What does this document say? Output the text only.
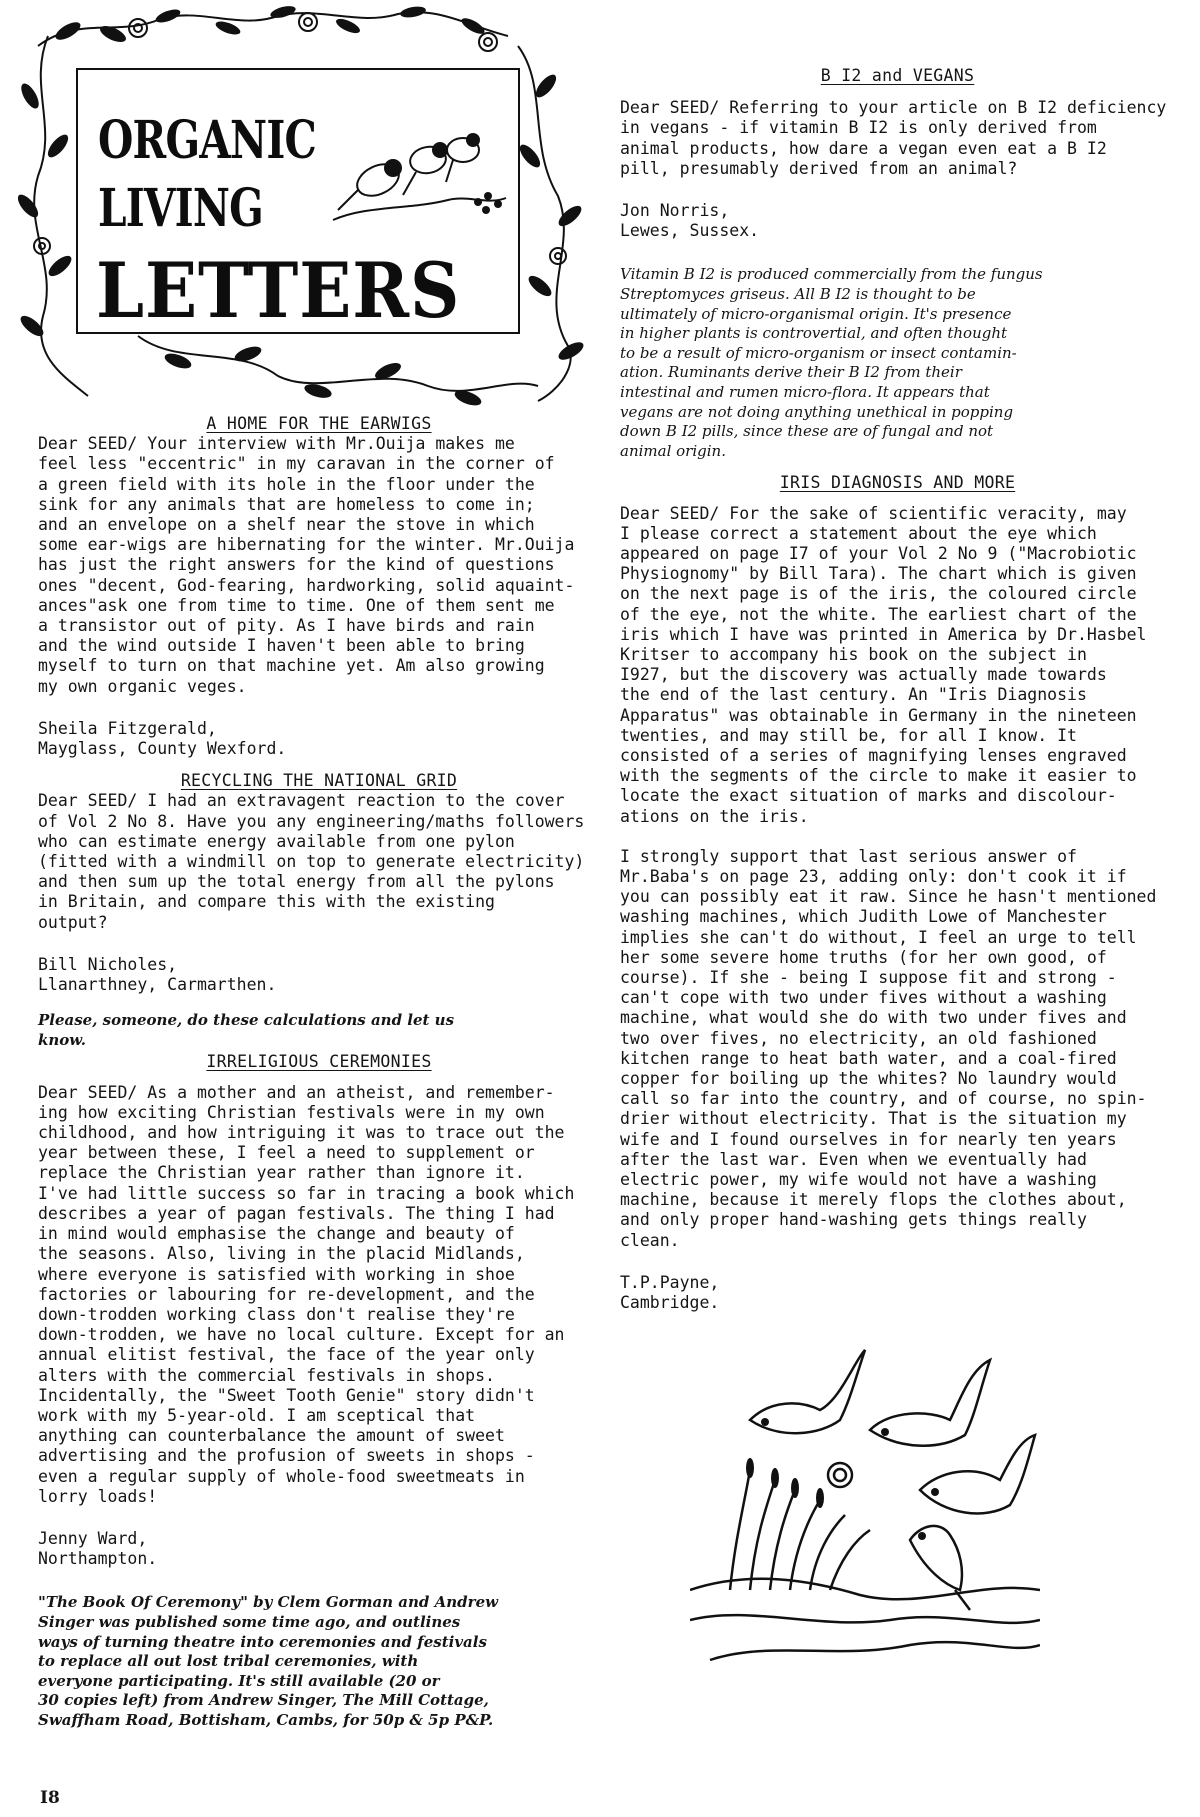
ORGANIC
LIVING
LETTERS

A HOME FOR THE EARWIGS

Dear SEED/ Your interview with Mr.Ouija makes me
feel less "eccentric" in my caravan in the corner of
a green field with its hole in the floor under the
sink for any animals that are homeless to come in;
and an envelope on a shelf near the stove in which
some ear-wigs are hibernating for the winter. Mr.Ouija
has just the right answers for the kind of questions
ones "decent, God-fearing, hardworking, solid aquaint-
ances"ask one from time to time. One of them sent me
a transistor out of pity. As I have birds and rain
and the wind outside I haven't been able to bring
myself to turn on that machine yet. Am also growing
my own organic veges.

Sheila Fitzgerald,
Mayglass, County Wexford.

RECYCLING THE NATIONAL GRID

Dear SEED/ I had an extravagent reaction to the cover
of Vol 2 No 8. Have you any engineering/maths followers
who can estimate energy available from one pylon
(fitted with a windmill on top to generate electricity)
and then sum up the total energy from all the pylons
in Britain, and compare this with the existing
output?

Bill Nicholes,
Llanarthney, Carmarthen.

Please, someone, do these calculations and let us
know.

IRRELIGIOUS CEREMONIES

Dear SEED/ As a mother and an atheist, and remember-
ing how exciting Christian festivals were in my own
childhood, and how intriguing it was to trace out the
year between these, I feel a need to supplement or
replace the Christian year rather than ignore it.
I've had little success so far in tracing a book which
describes a year of pagan festivals. The thing I had
in mind would emphasise the change and beauty of
the seasons. Also, living in the placid Midlands,
where everyone is satisfied with working in shoe
factories or labouring for re-development, and the
down-trodden working class don't realise they're
down-trodden, we have no local culture. Except for an
annual elitist festival, the face of the year only
alters with the commercial festivals in shops.
Incidentally, the "Sweet Tooth Genie" story didn't
work with my 5-year-old. I am sceptical that
anything can counterbalance the amount of sweet
advertising and the profusion of sweets in shops -
even a regular supply of whole-food sweetmeats in
lorry loads!

Jenny Ward,
Northampton.

"The Book Of Ceremony" by Clem Gorman and Andrew
Singer was published some time ago, and outlines
ways of turning theatre into ceremonies and festivals
to replace all out lost tribal ceremonies, with
everyone participating. It's still available (20 or
30 copies left) from Andrew Singer, The Mill Cottage,
Swaffham Road, Bottisham, Cambs, for 50p & 5p P&P.

B I2 and VEGANS

Dear SEED/ Referring to your article on B I2 deficiency
in vegans - if vitamin B I2 is only derived from
animal products, how dare a vegan even eat a B I2
pill, presumably derived from an animal?

Jon Norris,
Lewes, Sussex.

Vitamin B I2 is produced commercially from the fungus
Streptomyces griseus. All B I2 is thought to be
ultimately of micro-organismal origin. It's presence
in higher plants is controvertial, and often thought
to be a result of micro-organism or insect contamin-
ation. Ruminants derive their B I2 from their
intestinal and rumen micro-flora. It appears that
vegans are not doing anything unethical in popping
down B I2 pills, since these are of fungal and not
animal origin.

IRIS DIAGNOSIS AND MORE

Dear SEED/ For the sake of scientific veracity, may
I please correct a statement about the eye which
appeared on page I7 of your Vol 2 No 9 ("Macrobiotic
Physiognomy" by Bill Tara). The chart which is given
on the next page is of the iris, the coloured circle
of the eye, not the white. The earliest chart of the
iris which I have was printed in America by Dr.Hasbel
Kritser to accompany his book on the subject in
I927, but the discovery was actually made towards
the end of the last century. An "Iris Diagnosis
Apparatus" was obtainable in Germany in the nineteen
twenties, and may still be, for all I know. It
consisted of a series of magnifying lenses engraved
with the segments of the circle to make it easier to
locate the exact situation of marks and discolour-
ations on the iris.

I strongly support that last serious answer of
Mr.Baba's on page 23, adding only: don't cook it if
you can possibly eat it raw. Since he hasn't mentioned
washing machines, which Judith Lowe of Manchester
implies she can't do without, I feel an urge to tell
her some severe home truths (for her own good, of
course). If she - being I suppose fit and strong -
can't cope with two under fives without a washing
machine, what would she do with two under fives and
two over fives, no electricity, an old fashioned
kitchen range to heat bath water, and a coal-fired
copper for boiling up the whites? No laundry would
call so far into the country, and of course, no spin-
drier without electricity. That is the situation my
wife and I found ourselves in for nearly ten years
after the last war. Even when we eventually had
electric power, my wife would not have a washing
machine, because it merely flops the clothes about,
and only proper hand-washing gets things really
clean.

T.P.Payne,
Cambridge.

I8
